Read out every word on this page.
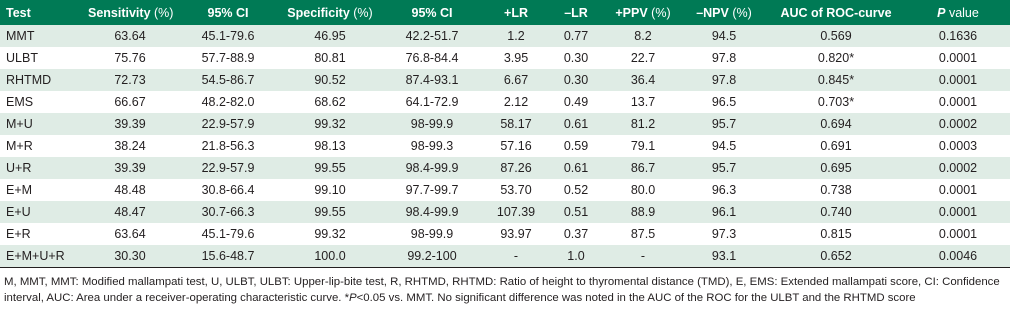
Test	Sensitivity (%)	95% CI	Specificity (%)	95% CI	+LR	–LR	+PPV (%)	–NPV (%)	AUC of ROC-curve	P value
MMT	63.64	45.1-79.6	46.95	42.2-51.7	1.2	0.77	8.2	94.5	0.569	0.1636
ULBT	75.76	57.7-88.9	80.81	76.8-84.4	3.95	0.30	22.7	97.8	0.820*	0.0001
RHTMD	72.73	54.5-86.7	90.52	87.4-93.1	6.67	0.30	36.4	97.8	0.845*	0.0001
EMS	66.67	48.2-82.0	68.62	64.1-72.9	2.12	0.49	13.7	96.5	0.703*	0.0001
M+U	39.39	22.9-57.9	99.32	98-99.9	58.17	0.61	81.2	95.7	0.694	0.0002
M+R	38.24	21.8-56.3	98.13	98-99.3	57.16	0.59	79.1	94.5	0.691	0.0003
U+R	39.39	22.9-57.9	99.55	98.4-99.9	87.26	0.61	86.7	95.7	0.695	0.0002
E+M	48.48	30.8-66.4	99.10	97.7-99.7	53.70	0.52	80.0	96.3	0.738	0.0001
E+U	48.47	30.7-66.3	99.55	98.4-99.9	107.39	0.51	88.9	96.1	0.740	0.0001
E+R	63.64	45.1-79.6	99.32	98-99.9	93.97	0.37	87.5	97.3	0.815	0.0001
E+M+U+R	30.30	15.6-48.7	100.0	99.2-100	-	1.0	-	93.1	0.652	0.0046
M, MMT, MMT: Modified mallampati test, U, ULBT, ULBT: Upper-lip-bite test, R, RHTMD, RHTMD: Ratio of height to thyromental distance (TMD), E, EMS: Extended mallampati score, CI: Confidence interval, AUC: Area under a receiver-operating characteristic curve. *P<0.05 vs. MMT. No significant difference was noted in the AUC of the ROC for the ULBT and the RHTMD score
